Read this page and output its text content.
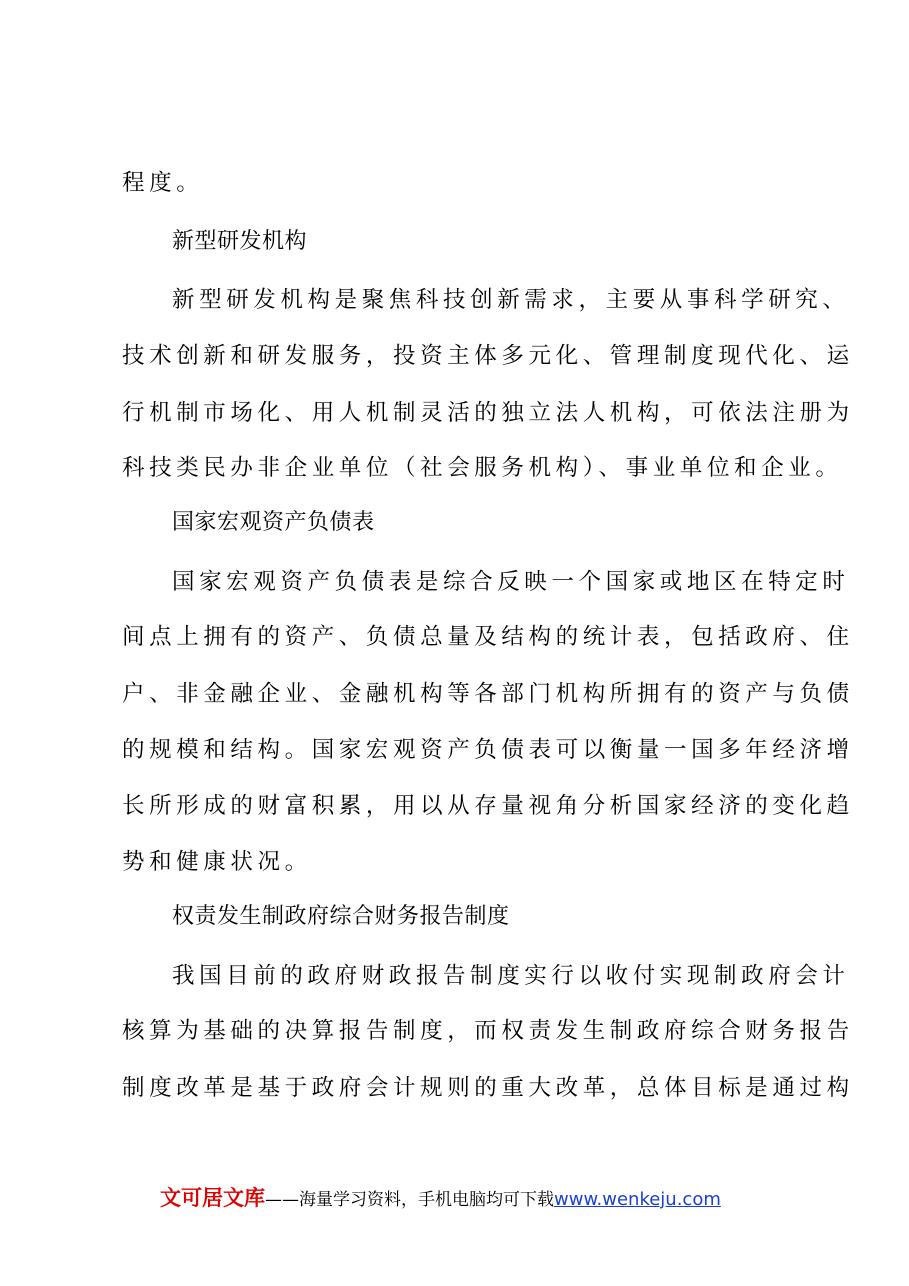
程度。
新型研发机构
新型研发机构是聚焦科技创新需求，主要从事科学研究、
技术创新和研发服务，投资主体多元化、管理制度现代化、运
行机制市场化、用人机制灵活的独立法人机构，可依法注册为
科技类民办非企业单位（社会服务机构）、事业单位和企业。
国家宏观资产负债表
国家宏观资产负债表是综合反映一个国家或地区在特定时
间点上拥有的资产、负债总量及结构的统计表，包括政府、住
户、非金融企业、金融机构等各部门机构所拥有的资产与负债
的规模和结构。国家宏观资产负债表可以衡量一国多年经济增
长所形成的财富积累，用以从存量视角分析国家经济的变化趋
势和健康状况。
权责发生制政府综合财务报告制度
我国目前的政府财政报告制度实行以收付实现制政府会计
核算为基础的决算报告制度，而权责发生制政府综合财务报告
制度改革是基于政府会计规则的重大改革，总体目标是通过构
文可居文库——海量学习资料，手机电脑均可下载www.wenkeju.com
